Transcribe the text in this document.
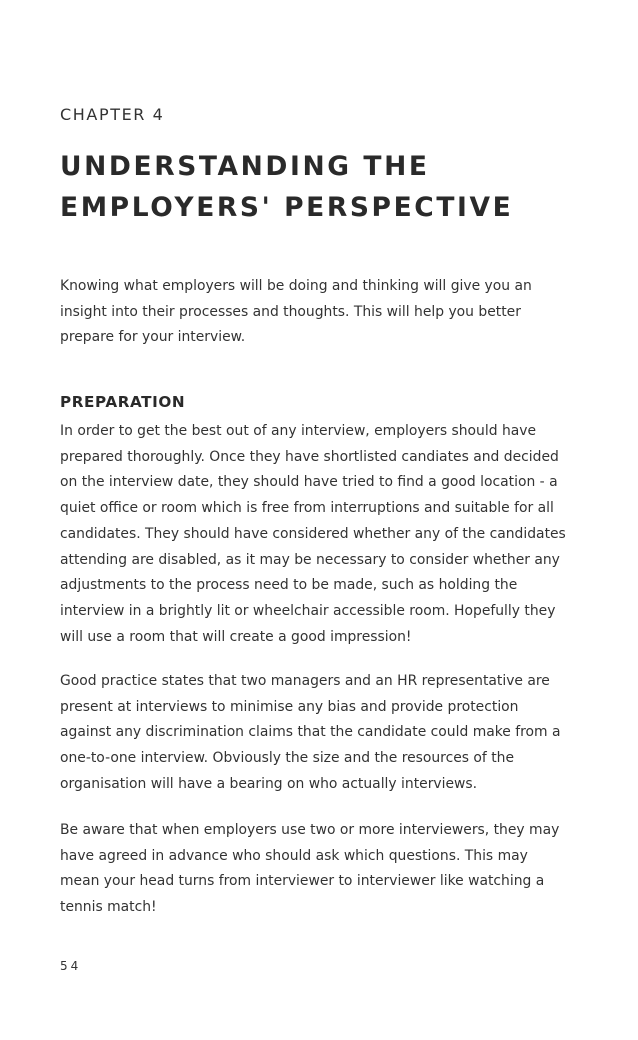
CHAPTER 4
UNDERSTANDING THE
EMPLOYERS' PERSPECTIVE
Knowing what employers will be doing and thinking will give you an
insight into their processes and thoughts. This will help you better
prepare for your interview.
PREPARATION
In order to get the best out of any interview, employers should have
prepared thoroughly. Once they have shortlisted candiates and decided
on the interview date, they should have tried to find a good location - a
quiet office or room which is free from interruptions and suitable for all
candidates. They should have considered whether any of the candidates
attending are disabled, as it may be necessary to consider whether any
adjustments to the process need to be made, such as holding the
interview in a brightly lit or wheelchair accessible room. Hopefully they
will use a room that will create a good impression!
Good practice states that two managers and an HR representative are
present at interviews to minimise any bias and provide protection
against any discrimination claims that the candidate could make from a
one-to-one interview. Obviously the size and the resources of the
organisation will have a bearing on who actually interviews.
Be aware that when employers use two or more interviewers, they may
have agreed in advance who should ask which questions. This may
mean your head turns from interviewer to interviewer like watching a
tennis match!
54
